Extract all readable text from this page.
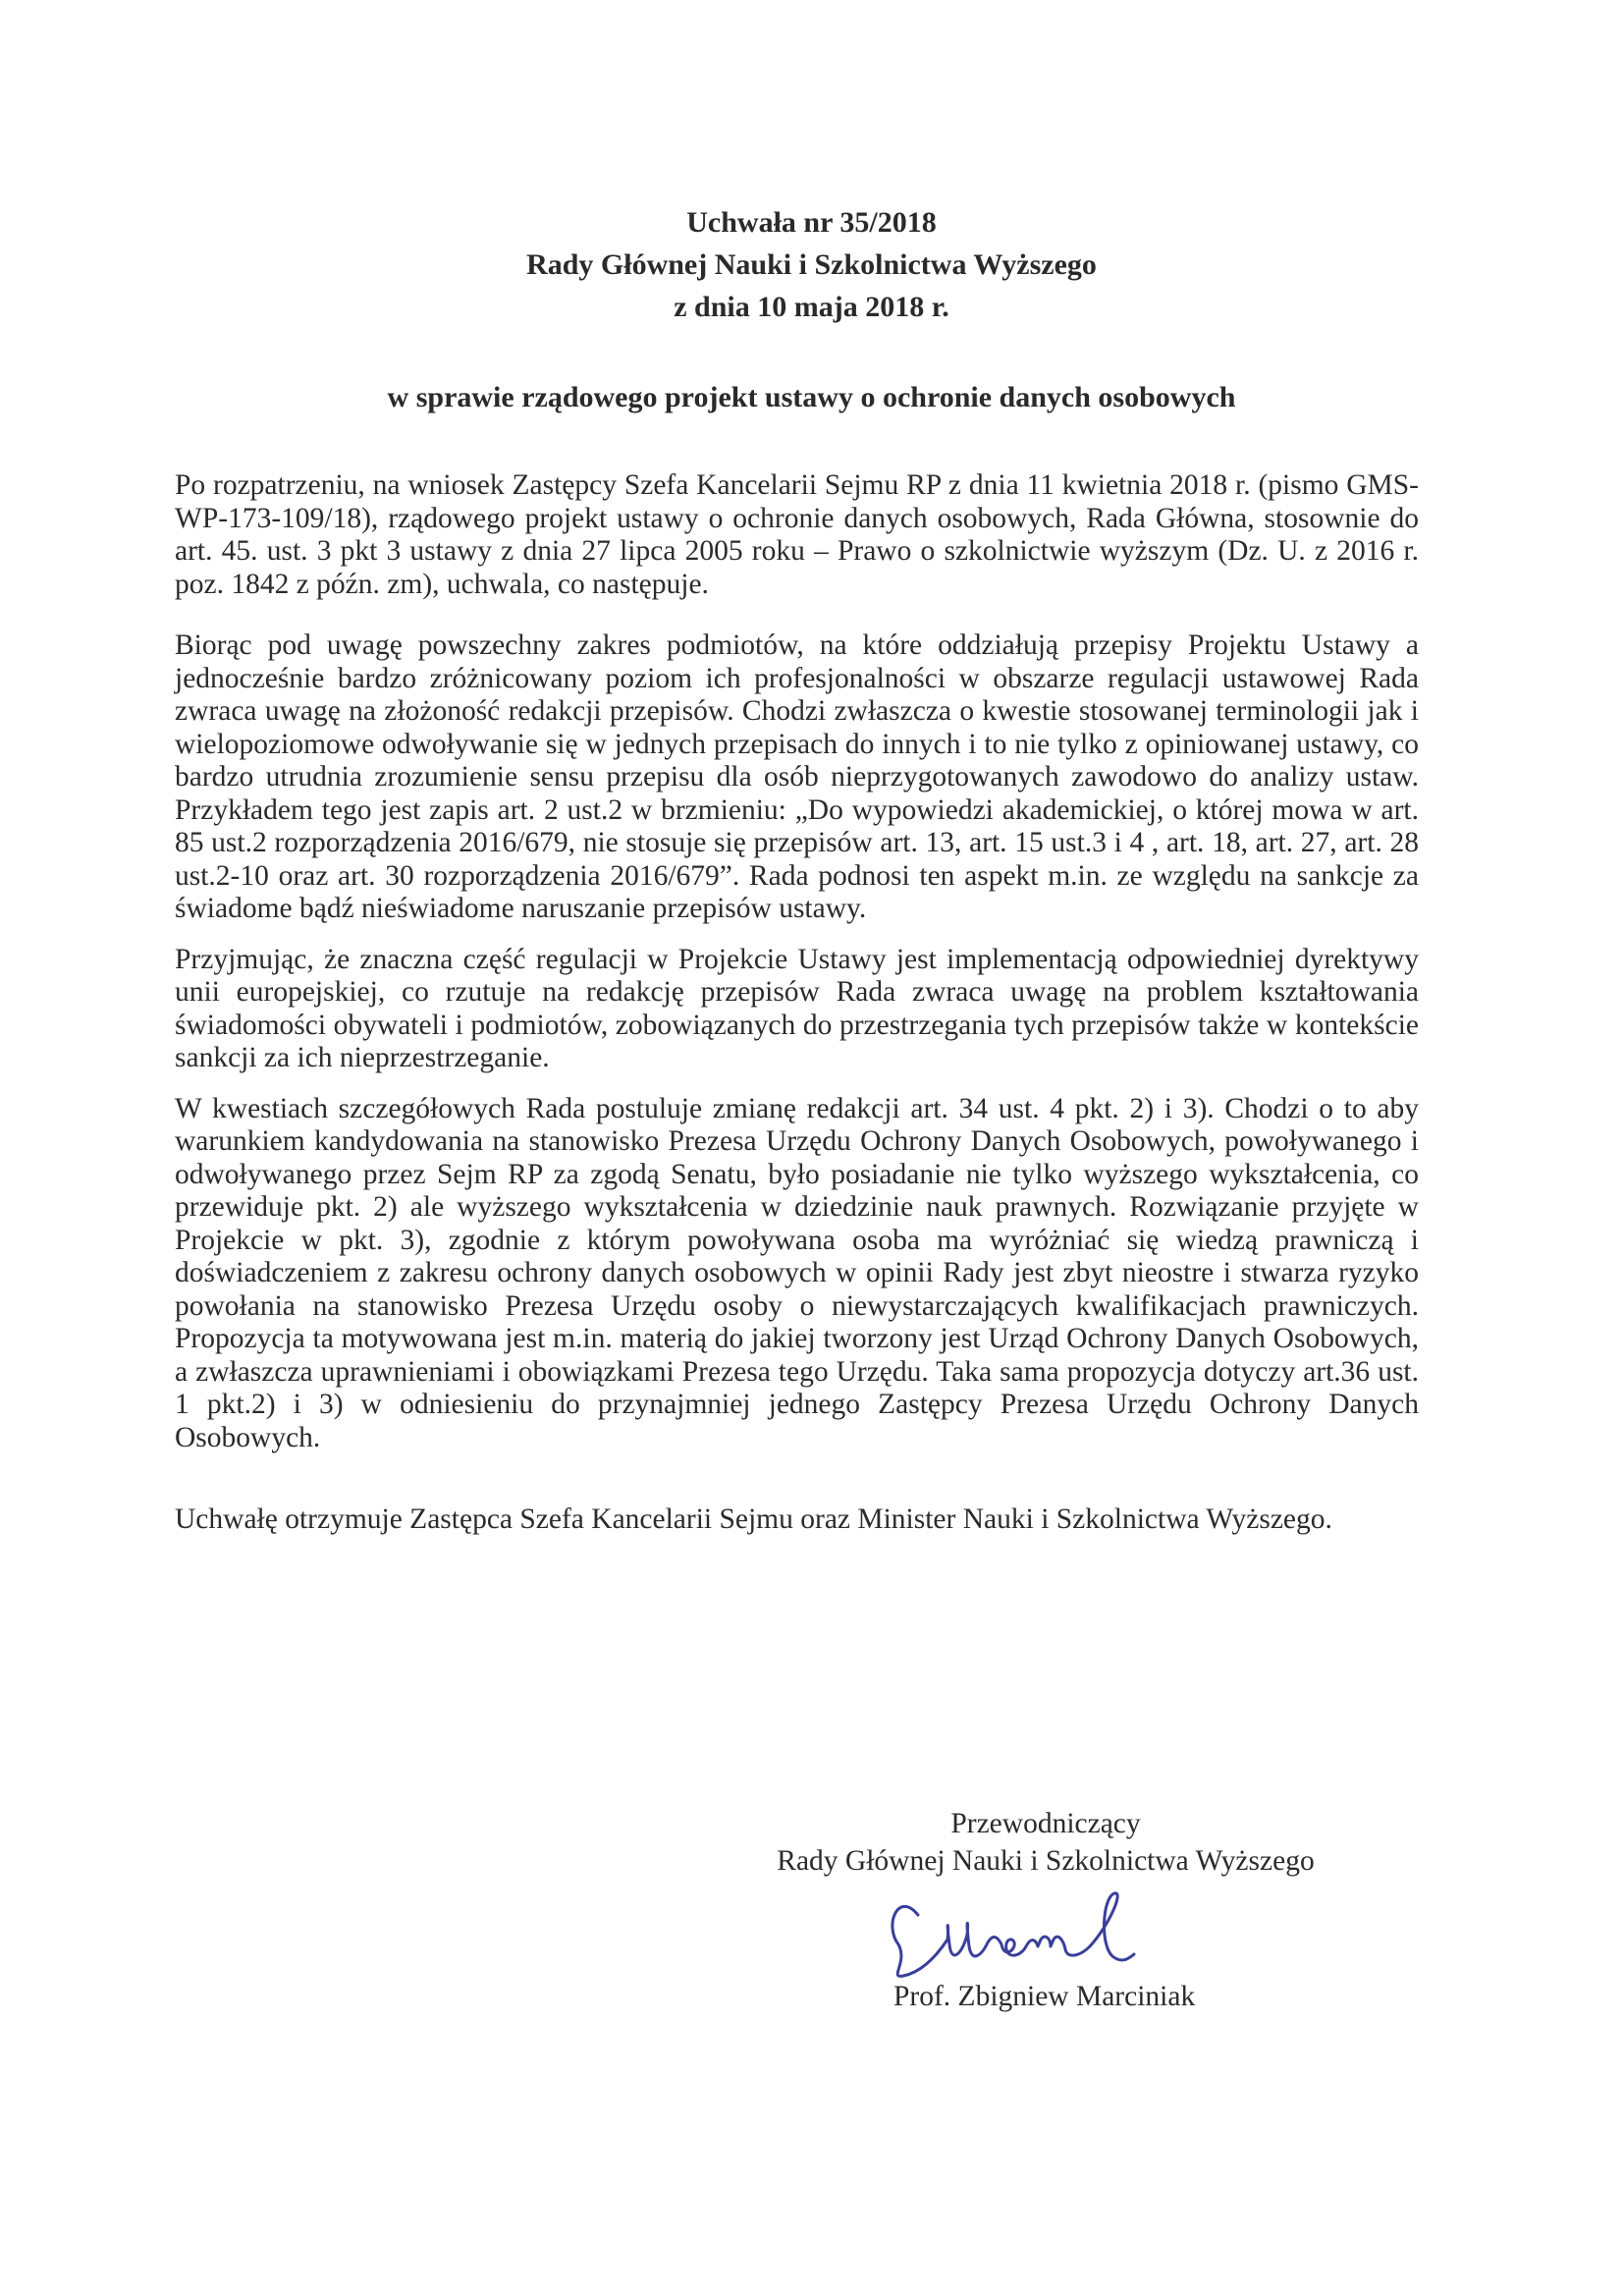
Uchwała nr 35/2018
Rady Głównej Nauki i Szkolnictwa Wyższego
z dnia 10 maja 2018 r.
w sprawie rządowego projekt ustawy o ochronie danych osobowych

Po rozpatrzeniu, na wniosek Zastępcy Szefa Kancelarii Sejmu RP z dnia 11 kwietnia 2018 r. (pismo GMS-WP-173-109/18), rządowego projekt ustawy o ochronie danych osobowych, Rada Główna, stosownie do art. 45. ust. 3 pkt 3 ustawy z dnia 27 lipca 2005 roku – Prawo o szkolnictwie wyższym (Dz. U. z 2016 r. poz. 1842 z późn. zm), uchwala, co następuje.

Biorąc pod uwagę powszechny zakres podmiotów, na które oddziałują przepisy Projektu Ustawy a jednocześnie bardzo zróżnicowany poziom ich profesjonalności w obszarze regulacji ustawowej Rada zwraca uwagę na złożoność redakcji przepisów. Chodzi zwłaszcza o kwestie stosowanej terminologii jak i wielopoziomowe odwoływanie się w jednych przepisach do innych i to nie tylko z opiniowanej ustawy, co bardzo utrudnia zrozumienie sensu przepisu dla osób nieprzygotowanych zawodowo do analizy ustaw. Przykładem tego jest zapis art. 2 ust.2 w brzmieniu: „Do wypowiedzi akademickiej, o której mowa w art. 85 ust.2 rozporządzenia 2016/679, nie stosuje się przepisów art. 13, art. 15 ust.3 i 4 , art. 18, art. 27, art. 28 ust.2-10 oraz art. 30 rozporządzenia 2016/679”. Rada podnosi ten aspekt m.in. ze względu na sankcje za świadome bądź nieświadome naruszanie przepisów ustawy.

Przyjmując, że znaczna część regulacji w Projekcie Ustawy jest implementacją odpowiedniej dyrektywy unii europejskiej, co rzutuje na redakcję przepisów Rada zwraca uwagę na problem kształtowania świadomości obywateli i podmiotów, zobowiązanych do przestrzegania tych przepisów także w kontekście sankcji za ich nieprzestrzeganie.

W kwestiach szczegółowych Rada postuluje zmianę redakcji art. 34 ust. 4 pkt. 2) i 3). Chodzi o to aby warunkiem kandydowania na stanowisko Prezesa Urzędu Ochrony Danych Osobowych, powoływanego i odwoływanego przez Sejm RP za zgodą Senatu, było posiadanie nie tylko wyższego wykształcenia, co przewiduje pkt. 2) ale wyższego wykształcenia w dziedzinie nauk prawnych. Rozwiązanie przyjęte w Projekcie w pkt. 3), zgodnie z którym powoływana osoba ma wyróżniać się wiedzą prawniczą i doświadczeniem z zakresu ochrony danych osobowych w opinii Rady jest zbyt nieostre i stwarza ryzyko powołania na stanowisko Prezesa Urzędu osoby o niewystarczających kwalifikacjach prawniczych. Propozycja ta motywowana jest m.in. materią do jakiej tworzony jest Urząd Ochrony Danych Osobowych, a zwłaszcza uprawnieniami i obowiązkami Prezesa tego Urzędu. Taka sama propozycja dotyczy art.36 ust. 1 pkt.2) i 3) w odniesieniu do przynajmniej jednego Zastępcy Prezesa Urzędu Ochrony Danych Osobowych.

Uchwałę otrzymuje Zastępca Szefa Kancelarii Sejmu oraz Minister Nauki i Szkolnictwa Wyższego.

Przewodniczący
Rady Głównej Nauki i Szkolnictwa Wyższego
Prof. Zbigniew Marciniak
